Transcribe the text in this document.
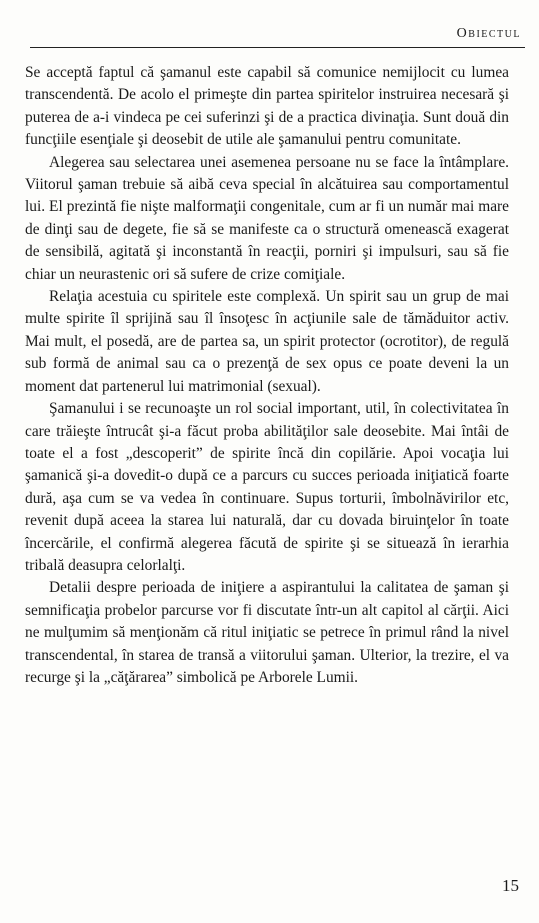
Obiectul

Se acceptă faptul că şamanul este capabil să comunice nemijlocit cu lumea transcendentă. De acolo el primeşte din partea spiritelor instruirea necesară şi puterea de a-i vindeca pe cei suferinzi şi de a practica divinaţia. Sunt două din funcţiile esenţiale şi deosebit de utile ale şamanului pentru comunitate.

Alegerea sau selectarea unei asemenea persoane nu se face la întâmplare. Viitorul şaman trebuie să aibă ceva special în alcătuirea sau comportamentul lui. El prezintă fie nişte malformaţii congenitale, cum ar fi un număr mai mare de dinţi sau de degete, fie să se manifeste ca o structură omenească exagerat de sensibilă, agitată şi inconstantă în reacţii, porniri şi impulsuri, sau să fie chiar un neurastenic ori să sufere de crize comiţiale.

Relaţia acestuia cu spiritele este complexă. Un spirit sau un grup de mai multe spirite îl sprijină sau îl însoţesc în acţiunile sale de tămăduitor activ. Mai mult, el posedă, are de partea sa, un spirit protector (ocrotitor), de regulă sub formă de animal sau ca o prezenţă de sex opus ce poate deveni la un moment dat partenerul lui matrimonial (sexual).

Şamanului i se recunoaşte un rol social important, util, în colectivitatea în care trăieşte întrucât şi-a făcut proba abilităţilor sale deosebite. Mai întâi de toate el a fost „descoperit” de spirite încă din copilărie. Apoi vocaţia lui şamanică şi-a dovedit-o după ce a parcurs cu succes perioada iniţiatică foarte dură, aşa cum se va vedea în continuare. Supus torturii, îmbolnăvirilor etc, revenit după aceea la starea lui naturală, dar cu dovada biruinţelor în toate încercările, el confirmă alegerea făcută de spirite şi se situează în ierarhia tribală deasupra celorlalţi.

Detalii despre perioada de iniţiere a aspirantului la calitatea de şaman şi semnificaţia probelor parcurse vor fi discutate într-un alt capitol al cărţii. Aici ne mulţumim să menţionăm că ritul iniţiatic se petrece în primul rând la nivel transcendental, în starea de transă a viitorului şaman. Ulterior, la trezire, el va recurge şi la „căţărarea” simbolică pe Arborele Lumii.

15
